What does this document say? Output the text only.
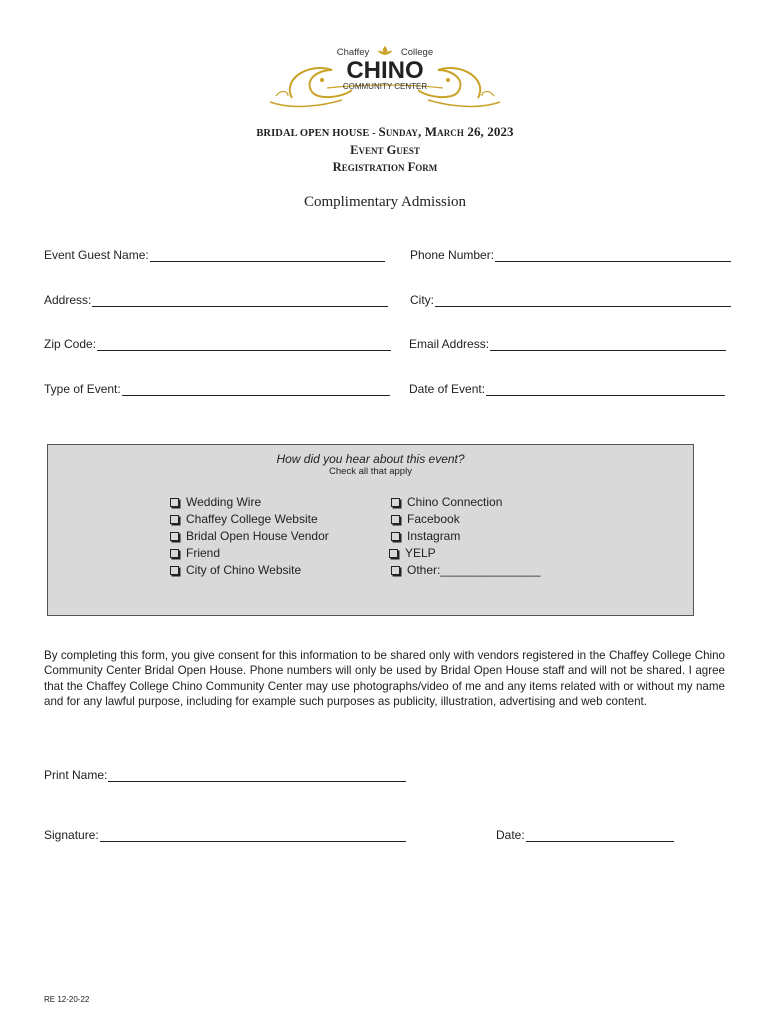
Chaffey	College
CHINO
COMMUNITY CENTER
BRIDAL OPEN HOUSE - Sunday, March 26, 2023
Event Guest
Registration Form
Complimentary Admission
Event Guest Name:	Phone Number:
Address:	City:
Zip Code:	Email Address:
Type of Event:	Date of Event:
How did you hear about this event?
Check all that apply
Wedding Wire
Chaffey College Website
Bridal Open House Vendor
Friend
City of Chino Website
Chino Connection
Facebook
Instagram
YELP
Other:_______________
By completing this form, you give consent for this information to be shared only with vendors registered in the Chaffey College Chino Community Center Bridal Open House. Phone numbers will only be used by Bridal Open House staff and will not be shared. I agree that the Chaffey College Chino Community Center may use photographs/video of me and any items related with or without my name and for any lawful purpose, including for example such purposes as publicity, illustration, advertising and web content.
Print Name:
Signature:	Date:
RE 12-20-22
